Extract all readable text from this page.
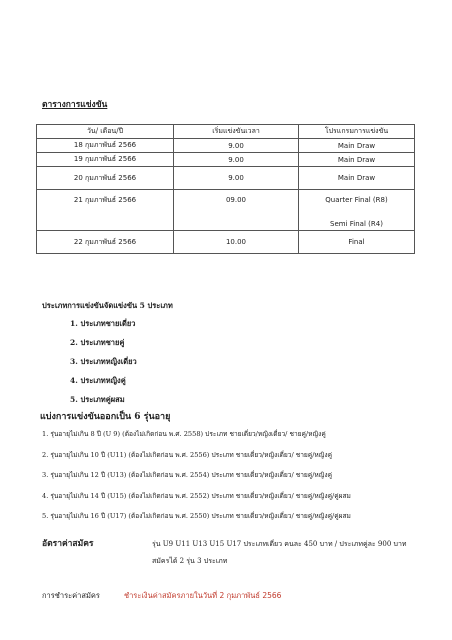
ตารางการแข่งขัน
วัน/ เดือน/ปี	เริ่มแข่งขันเวลา	โปรแกรมการแข่งขัน
18 กุมภาพันธ์ 2566	9.00	Main Draw
19 กุมภาพันธ์ 2566	9.00	Main Draw
20 กุมภาพันธ์ 2566	9.00	Main Draw

21 กุมภาพันธ์ 2566	09.00	Quarter Final (R8)
Semi Final (R4)

22 กุมภาพันธ์ 2566	10.00	Final
ประเภทการแข่งขันจัดแข่งขัน 5 ประเภท
1. ประเภทชายเดี่ยว
2. ประเภทชายคู่
3. ประเภทหญิงเดี่ยว
4. ประเภทหญิงคู่
5. ประเภทคู่ผสม
แบ่งการแข่งขันออกเป็น 6 รุ่นอายุ
1. รุ่นอายุไม่เกิน 8 ปี (U 9) (ต้องไม่เกิดก่อน พ.ศ. 2558) ประเภท ชายเดี่ยว/หญิงเดี่ยว/ ชายคู่/หญิงคู่
2. รุ่นอายุไม่เกิน 10 ปี (U11) (ต้องไม่เกิดก่อน พ.ศ. 2556) ประเภท ชายเดี่ยว/หญิงเดี่ยว/ ชายคู่/หญิงคู่
3. รุ่นอายุไม่เกิน 12 ปี (U13) (ต้องไม่เกิดก่อน พ.ศ. 2554) ประเภท ชายเดี่ยว/หญิงเดี่ยว/ ชายคู่/หญิงคู่
4. รุ่นอายุไม่เกิน 14 ปี (U15) (ต้องไม่เกิดก่อน พ.ศ. 2552) ประเภท ชายเดี่ยว/หญิงเดี่ยว/ ชายคู่/หญิงคู่/คู่ผสม
5. รุ่นอายุไม่เกิน 16 ปี (U17) (ต้องไม่เกิดก่อน พ.ศ. 2550) ประเภท ชายเดี่ยว/หญิงเดี่ยว/ ชายคู่/หญิงคู่/คู่ผสม
อัตราค่าสมัคร	รุ่น U9 U11 U13 U15 U17 ประเภทเดี่ยว คนละ 450 บาท / ประเภทคู่ละ 900 บาท
สมัครได้ 2 รุ่น 3 ประเภท
การชำระค่าสมัคร	ชำระเงินค่าสมัครภายในวันที่ 2 กุมภาพันธ์ 2566
